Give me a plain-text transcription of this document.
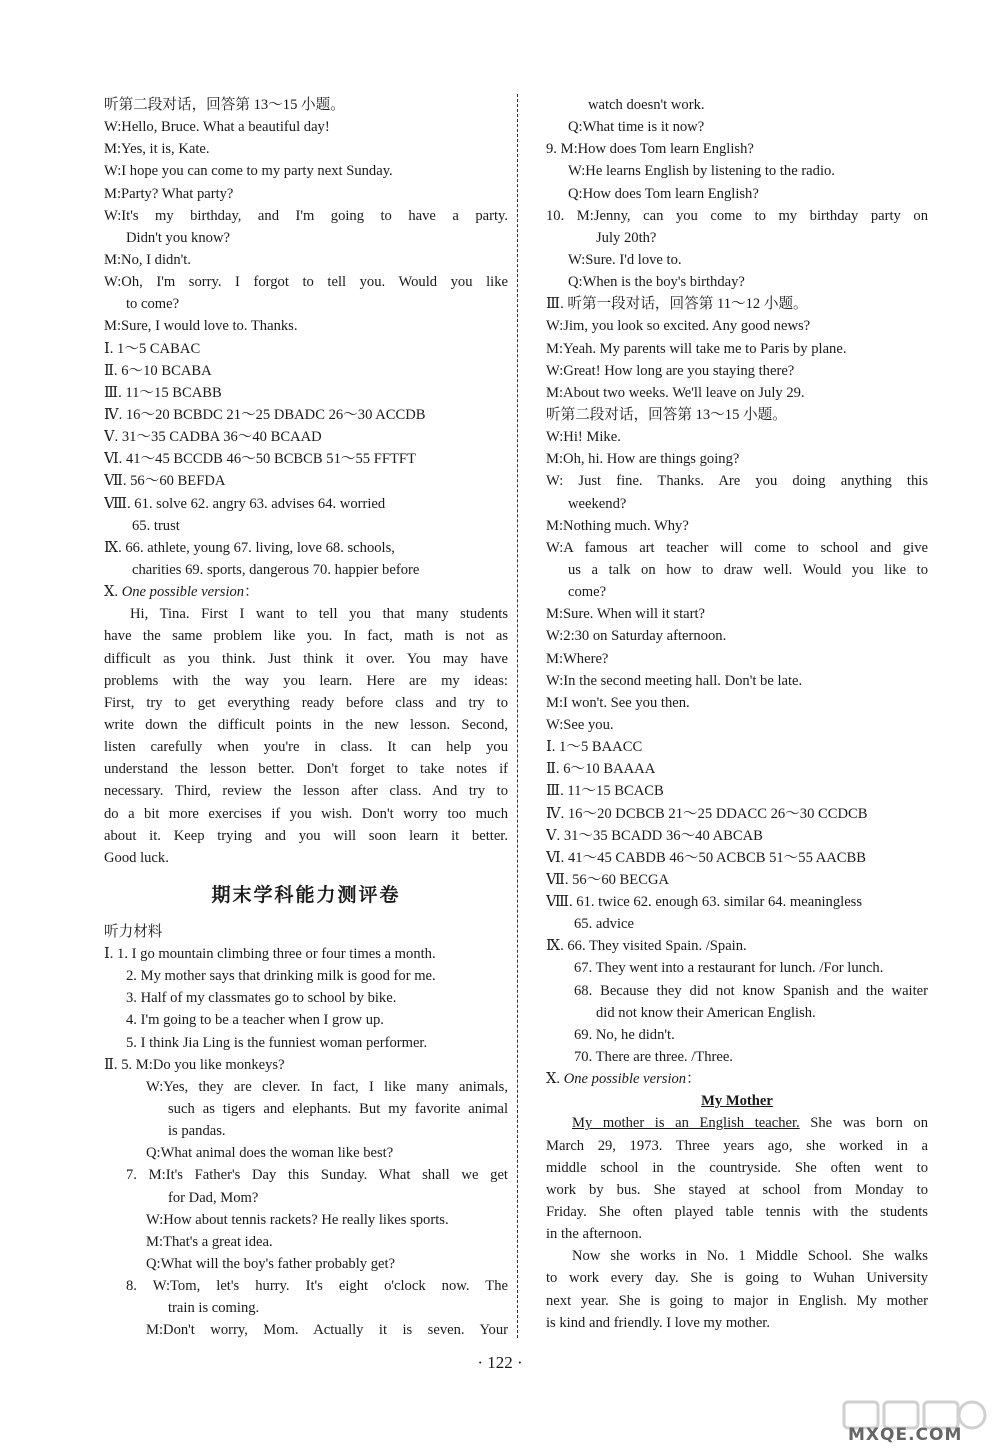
听第二段对话，回答第 13～15 小题。
W:Hello, Bruce. What a beautiful day!
M:Yes, it is, Kate.
W:I hope you can come to my party next Sunday.
M:Party? What party?
W:It's my birthday, and I'm going to have a party.
Didn't you know?
M:No, I didn't.
W:Oh, I'm sorry. I forgot to tell you. Would you like
to come?
M:Sure, I would love to. Thanks.
Ⅰ. 1～5 CABAC
Ⅱ. 6～10 BCABA
Ⅲ. 11～15 BCABB
Ⅳ. 16～20 BCBDC 21～25 DBADC 26～30 ACCDB
Ⅴ. 31～35 CADBA 36～40 BCAAD
Ⅵ. 41～45 BCCDB 46～50 BCBCB 51～55 FFTFT
Ⅶ. 56～60 BEFDA
Ⅷ. 61. solve 62. angry 63. advises 64. worried
65. trust
Ⅸ. 66. athlete, young 67. living, love 68. schools,
charities 69. sports, dangerous 70. happier before
Ⅹ. One possible version：
Hi, Tina. First I want to tell you that many students
have the same problem like you. In fact, math is not as
difficult as you think. Just think it over. You may have
problems with the way you learn. Here are my ideas:
First, try to get everything ready before class and try to
write down the difficult points in the new lesson. Second,
listen carefully when you're in class. It can help you
understand the lesson better. Don't forget to take notes if
necessary. Third, review the lesson after class. And try to
do a bit more exercises if you wish. Don't worry too much
about it. Keep trying and you will soon learn it better.
Good luck.
期末学科能力测评卷
听力材料
Ⅰ. 1. I go mountain climbing three or four times a month.
2. My mother says that drinking milk is good for me.
3. Half of my classmates go to school by bike.
4. I'm going to be a teacher when I grow up.
5. I think Jia Ling is the funniest woman performer.
Ⅱ. 5. M:Do you like monkeys?
W:Yes, they are clever. In fact, I like many animals,
such as tigers and elephants. But my favorite animal
is pandas.
Q:What animal does the woman like best?
7. M:It's Father's Day this Sunday. What shall we get
for Dad, Mom?
W:How about tennis rackets? He really likes sports.
M:That's a great idea.
Q:What will the boy's father probably get?
8. W:Tom, let's hurry. It's eight o'clock now. The
train is coming.
M:Don't worry, Mom. Actually it is seven. Your
watch doesn't work.
Q:What time is it now?
9. M:How does Tom learn English?
W:He learns English by listening to the radio.
Q:How does Tom learn English?
10. M:Jenny, can you come to my birthday party on
July 20th?
W:Sure. I'd love to.
Q:When is the boy's birthday?
Ⅲ. 听第一段对话，回答第 11～12 小题。
W:Jim, you look so excited. Any good news?
M:Yeah. My parents will take me to Paris by plane.
W:Great! How long are you staying there?
M:About two weeks. We'll leave on July 29.
听第二段对话，回答第 13～15 小题。
W:Hi! Mike.
M:Oh, hi. How are things going?
W: Just fine. Thanks. Are you doing anything this
weekend?
M:Nothing much. Why?
W:A famous art teacher will come to school and give
us a talk on how to draw well. Would you like to
come?
M:Sure. When will it start?
W:2:30 on Saturday afternoon.
M:Where?
W:In the second meeting hall. Don't be late.
M:I won't. See you then.
W:See you.
Ⅰ. 1～5 BAACC
Ⅱ. 6～10 BAAAA
Ⅲ. 11～15 BCACB
Ⅳ. 16～20 DCBCB 21～25 DDACC 26～30 CCDCB
Ⅴ. 31～35 BCADD 36～40 ABCAB
Ⅵ. 41～45 CABDB 46～50 ACBCB 51～55 AACBB
Ⅶ. 56～60 BECGA
Ⅷ. 61. twice 62. enough 63. similar 64. meaningless
65. advice
Ⅸ. 66. They visited Spain. /Spain.
67. They went into a restaurant for lunch. /For lunch.
68. Because they did not know Spanish and the waiter
did not know their American English.
69. No, he didn't.
70. There are three. /Three.
Ⅹ. One possible version：
My Mother
My mother is an English teacher. She was born on
March 29, 1973. Three years ago, she worked in a
middle school in the countryside. She often went to
work by bus. She stayed at school from Monday to
Friday. She often played table tennis with the students
in the afternoon.
Now she works in No. 1 Middle School. She walks
to work every day. She is going to Wuhan University
next year. She is going to major in English. My mother
is kind and friendly. I love my mother.
· 122 ·
MXQE.COM
